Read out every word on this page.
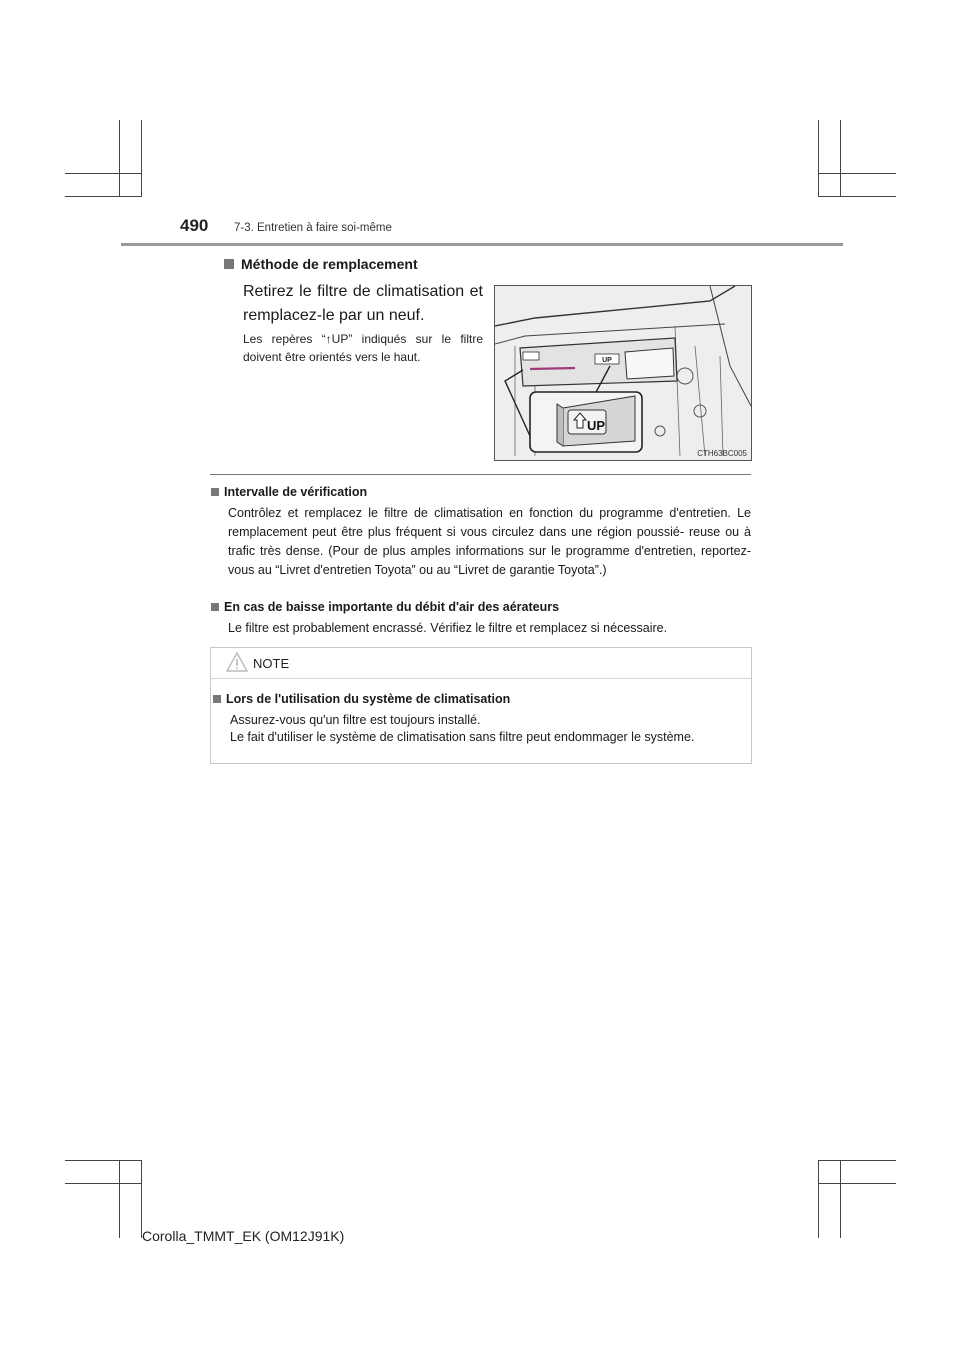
490 7-3. Entretien à faire soi-même
Méthode de remplacement
Retirez le filtre de climatisation et remplacez-le par un neuf.
Les repères “↑UP” indiqués sur le filtre doivent être orientés vers le haut.	UP
UP
CTH63BC005
Intervalle de vérification
Contrôlez et remplacez le filtre de climatisation en fonction du programme d'entretien. Le remplacement peut être plus fréquent si vous circulez dans une région poussié- reuse ou à trafic très dense. (Pour de plus amples informations sur le programme d'entretien, reportez-vous au “Livret d'entretien Toyota” ou au “Livret de garantie Toyota”.)
En cas de baisse importante du débit d'air des aérateurs
Le filtre est probablement encrassé. Vérifiez le filtre et remplacez si nécessaire.
NOTE
Lors de l'utilisation du système de climatisation
Assurez-vous qu'un filtre est toujours installé.
Le fait d'utiliser le système de climatisation sans filtre peut endommager le système.
Corolla_TMMT_EK (OM12J91K)
